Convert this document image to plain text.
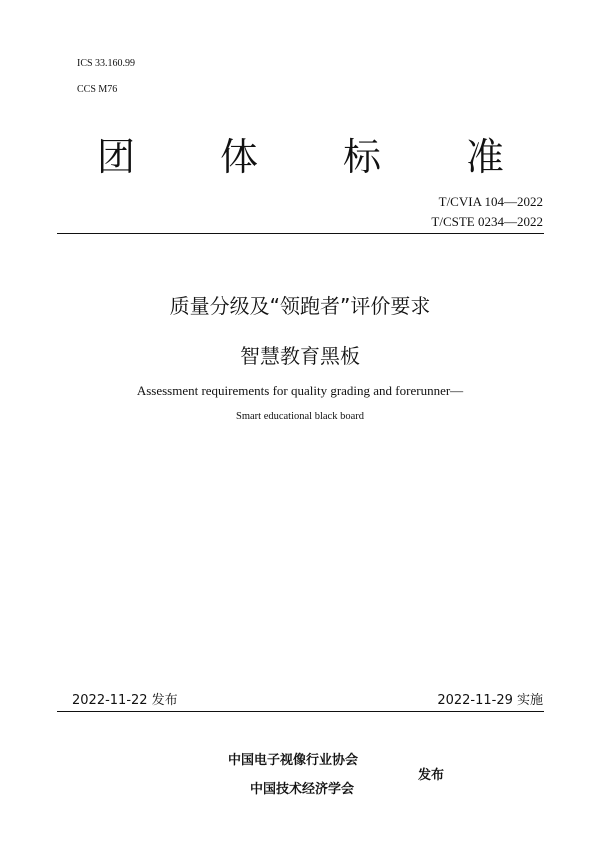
ICS 33.160.99
CCS M76
团 体 标 准
T/CVIA 104—2022
T/CSTE 0234—2022
质量分级及“领跑者”评价要求
智慧教育黑板
Assessment requirements for quality grading and forerunner—
Smart educational black board
2022-11-22 发布	2022-11-29 实施
中国电子视像行业协会
中国技术经济学会
发布
